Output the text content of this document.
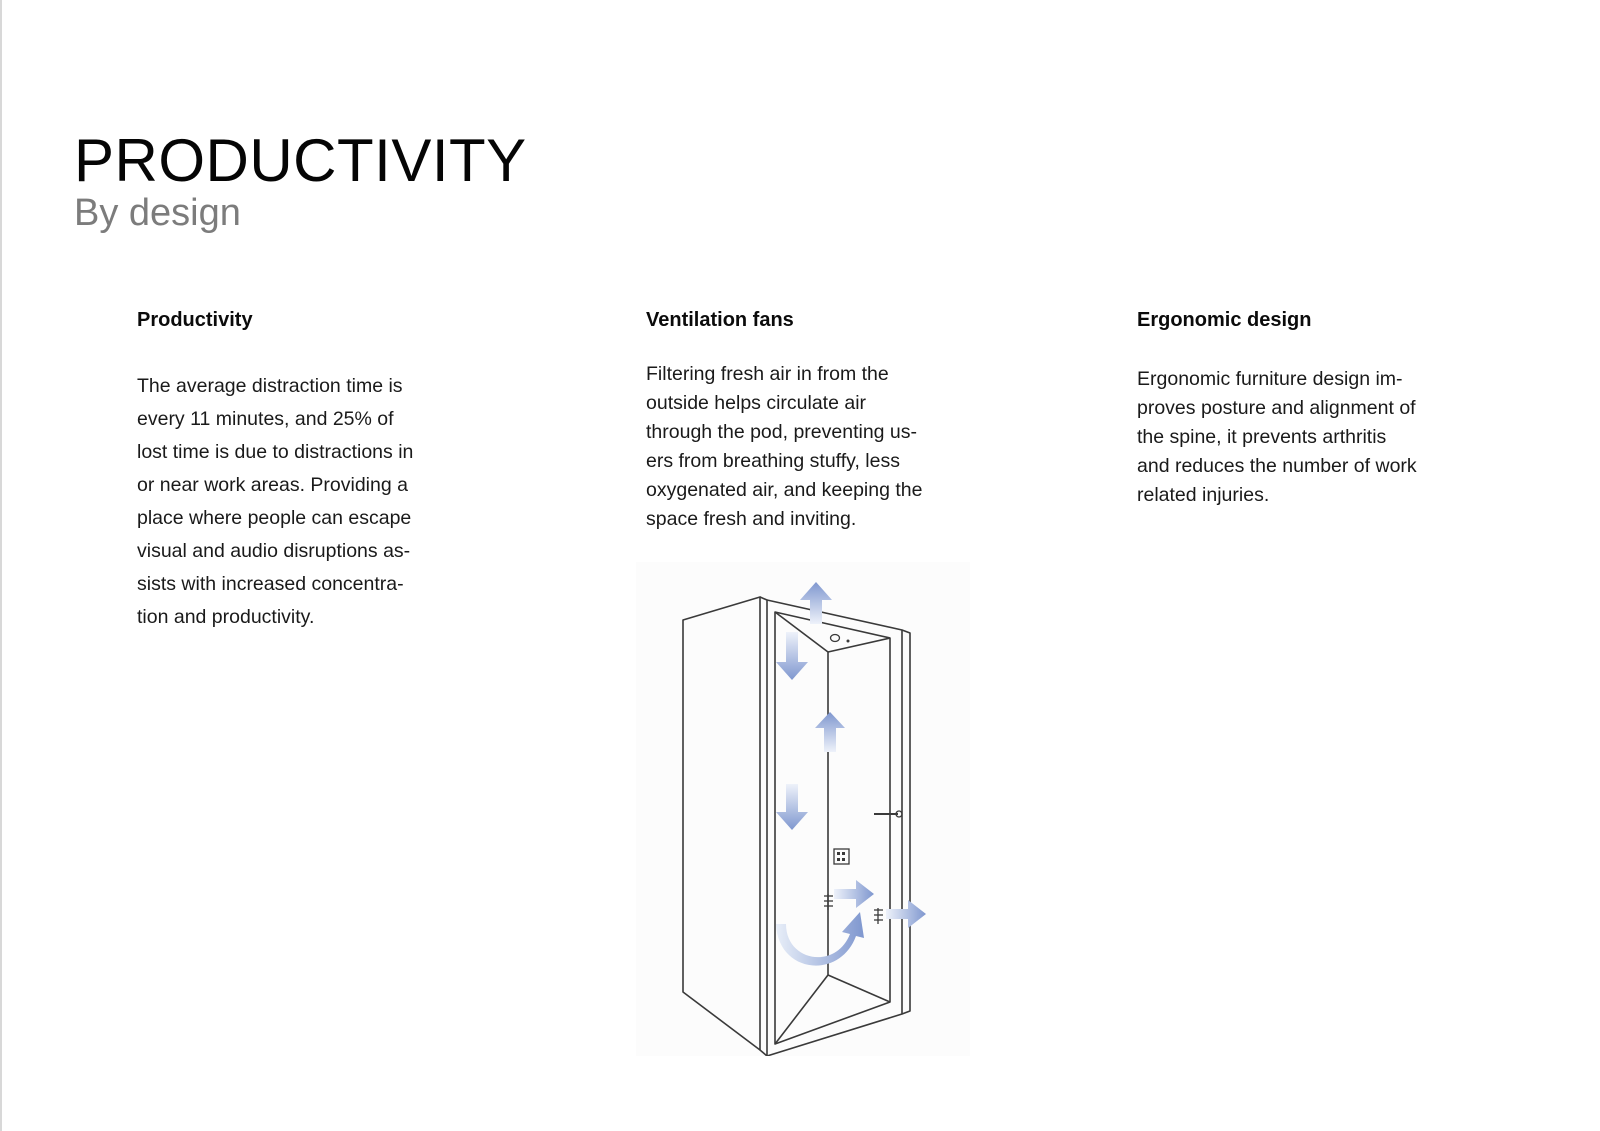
PRODUCTIVITY
By design
Productivity

The average distraction time is
every 11 minutes, and 25% of
lost time is due to distractions in
or near work areas. Providing a
place where people can escape
visual and audio disruptions as-
sists with increased concentra-
tion and productivity.

Ventilation fans

Filtering fresh air in from the
outside helps circulate air
through the pod, preventing us-
ers from breathing stuffy, less
oxygenated air, and keeping the
space fresh and inviting.

Ergonomic design

Ergonomic furniture design im-
proves posture and alignment of
the spine, it prevents arthritis
and reduces the number of work
related injuries.
